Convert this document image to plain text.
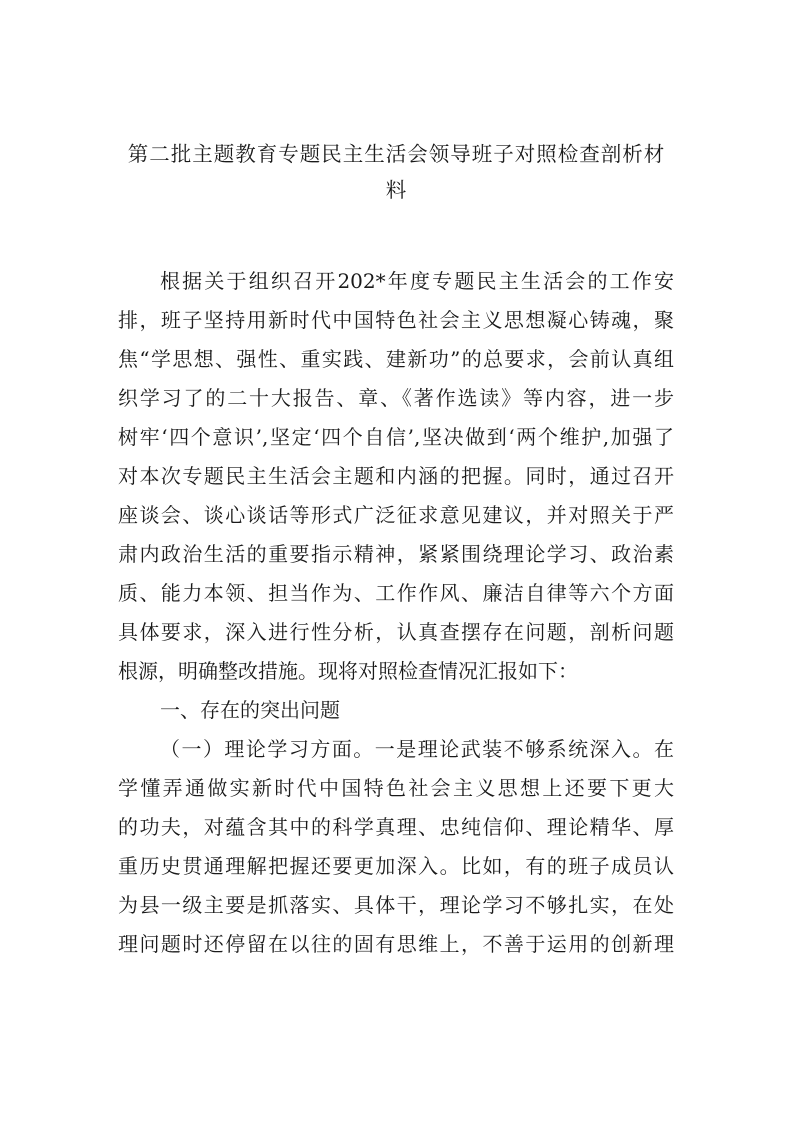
第二批主题教育专题民主生活会领导班子对照检查剖析材
料

根据关于组织召开202*年度专题民主生活会的工作安

排，班子坚持用新时代中国特色社会主义思想凝心铸魂，聚

焦“学思想、强性、重实践、建新功”的总要求，会前认真组

织学习了的二十大报告、章、《著作选读》等内容，进一步

树牢‘四个意识’,坚定‘四个自信’,坚决做到‘两个维护,加强了

对本次专题民主生活会主题和内涵的把握。同时，通过召开

座谈会、谈心谈话等形式广泛征求意见建议，并对照关于严

肃内政治生活的重要指示精神，紧紧围绕理论学习、政治素

质、能力本领、担当作为、工作作风、廉洁自律等六个方面

具体要求，深入进行性分析，认真查摆存在问题，剖析问题

根源，明确整改措施。现将对照检查情况汇报如下：

一、存在的突出问题

（一）理论学习方面。一是理论武装不够系统深入。在

学懂弄通做实新时代中国特色社会主义思想上还要下更大

的功夫，对蕴含其中的科学真理、忠纯信仰、理论精华、厚

重历史贯通理解把握还要更加深入。比如，有的班子成员认

为县一级主要是抓落实、具体干，理论学习不够扎实，在处

理问题时还停留在以往的固有思维上，不善于运用的创新理
